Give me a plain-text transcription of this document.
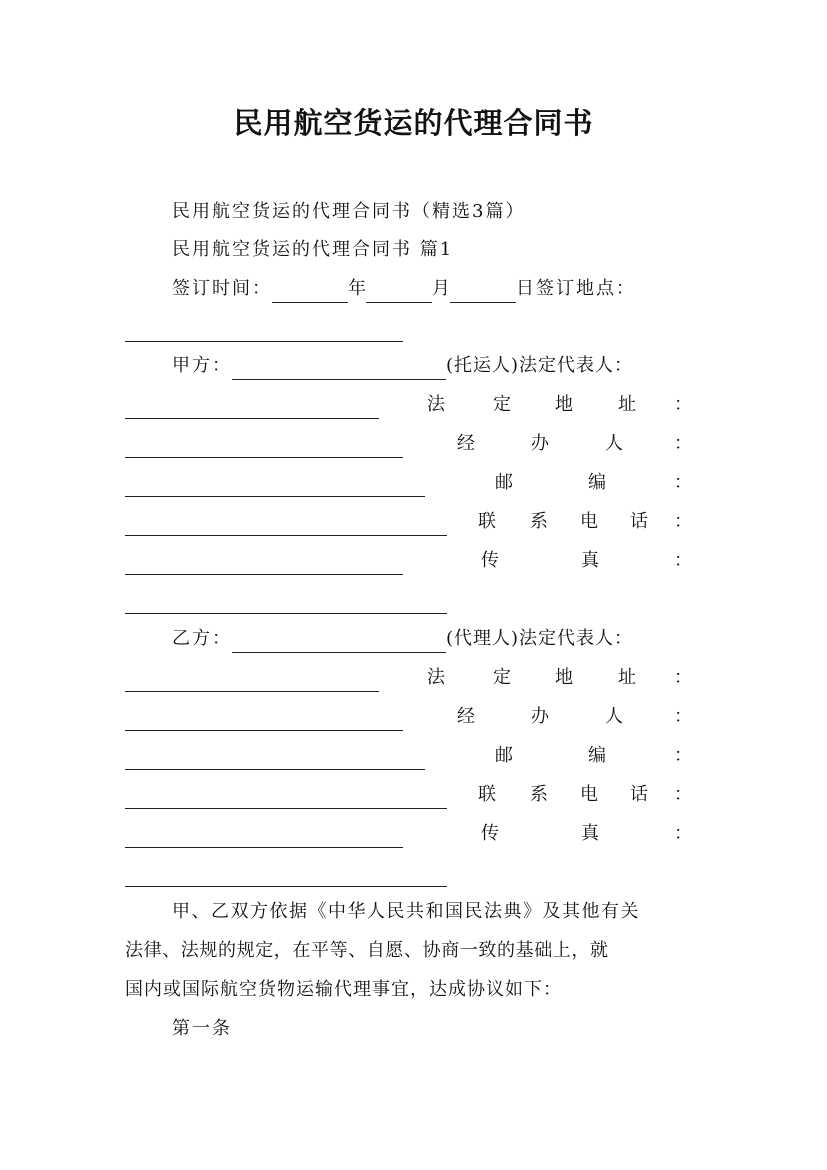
民用航空货运的代理合同书
民用航空货运的代理合同书（精选3篇）
民用航空货运的代理合同书 篇1
签订时间：	年	月	日签订地点：
甲方：	(托运人)法定代表人：
法	定 地	址 ：
经	办	人	：
邮	编	：
联 系 电 话 ：
传	真	：
乙方：	(代理人)法定代表人：
法	定 地	址 ：
经	办	人	：
邮	编	：
联 系 电 话 ：
传	真	：
甲、乙双方依据《中华人民共和国民法典》及其他有关
法律、法规的规定，在平等、自愿、协商一致的基础上，就
国内或国际航空货物运输代理事宜，达成协议如下：
第一条
